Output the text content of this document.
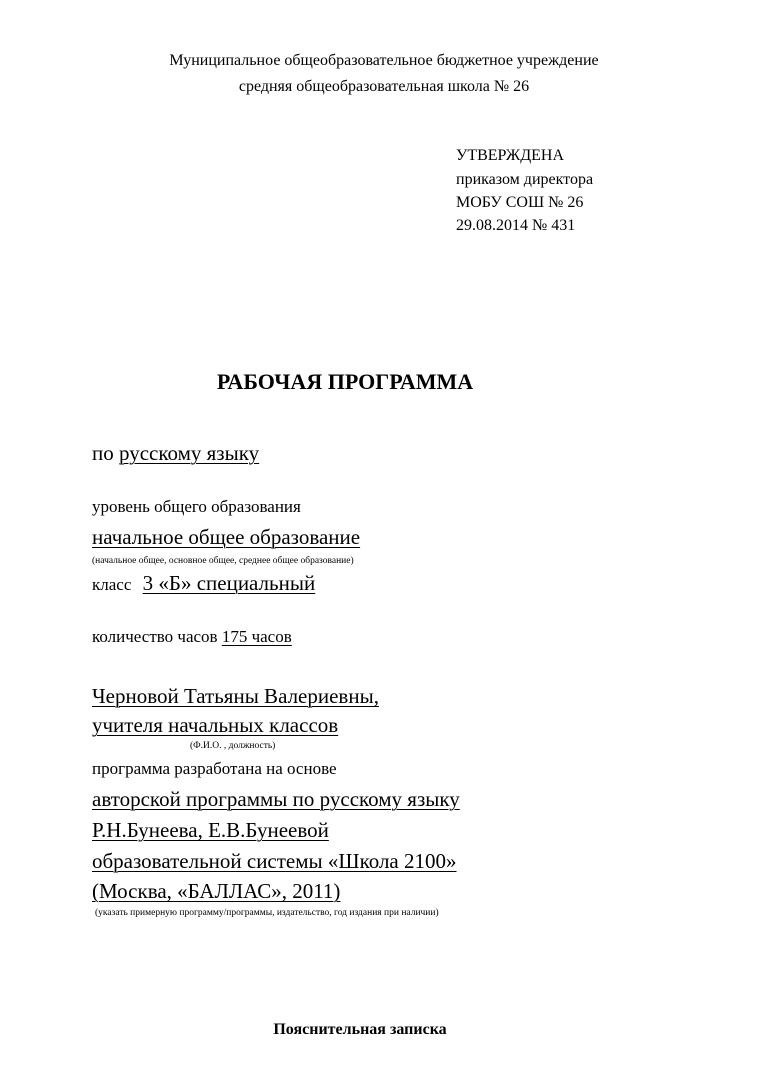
Муниципальное общеобразовательное бюджетное учреждение
средняя общеобразовательная школа № 26
УТВЕРЖДЕНА
приказом директора
МОБУ СОШ № 26
29.08.2014 № 431
РАБОЧАЯ ПРОГРАММА
по русскому языку
уровень общего образования
начальное общее образование
(начальное общее, основное общее, среднее общее образование)
класс 3 «Б» специальный
количество часов 175 часов
Черновой Татьяны Валериевны,
учителя начальных классов
(Ф.И.О. , должность)
программа разработана на основе
авторской программы по русскому языку
Р.Н.Бунеева, Е.В.Бунеевой
образовательной системы «Школа 2100»
(Москва, «БАЛЛАС», 2011)
(указать примерную программу/программы, издательство, год издания при наличии)
Пояснительная записка
